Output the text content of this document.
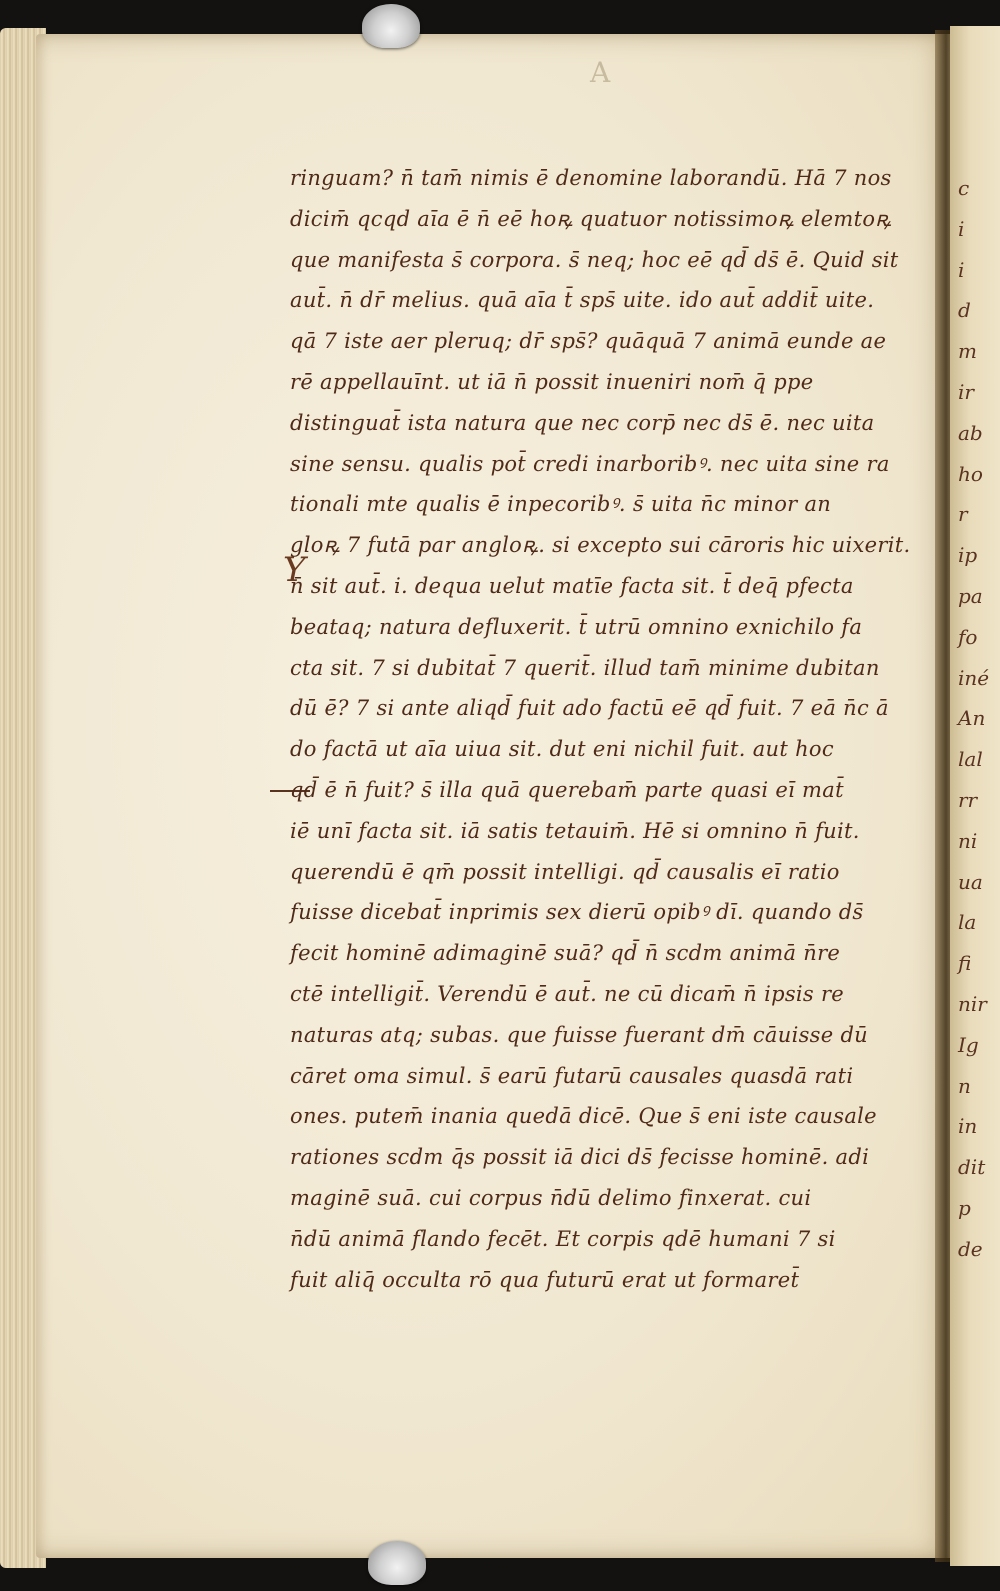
c
i
i
d
m
ir
ab
ho
r
ip
pa
fo
iné
An
lal
rr
ni
ua
la
fi
nir
Ig
n
in
dit
p
de
A
Y
ringuam? n̄ tam̄ nimis ē denomine laborandū. Hā 7 nos
dicim̄ qcqd aīa ē n̄ eē hoꝶ quatuor notissimoꝶ elemtoꝶ
que manifesta s̄ corpora. s̄ neq; hoc eē qd̄ ds̄ ē. Quid sit
aut̄. n̄ dr̄ melius. quā aīa t̄ sps̄ uite. ido aut̄ addit̄ uite.
qā 7 iste aer pleruq; dr̄ sps̄? quāquā 7 animā eunde ae
rē appellauīnt. ut iā n̄ possit inueniri nom̄ q̄ ppe
distinguat̄ ista natura que nec corp̄ nec ds̄ ē. nec uita
sine sensu. qualis pot̄ credi inarboribꝰ. nec uita sine ra
tionali mte qualis ē inpecoribꝰ. s̄ uita n̄c minor an
gloꝶ 7 futā par angloꝶ. si excepto sui cāroris hic uixerit.
n̄ sit aut̄. i. dequa uelut matīe facta sit. t̄ deq̄ pfecta
beataq; natura defluxerit. t̄ utrū omnino exnichilo fa
cta sit. 7 si dubitat̄ 7 querit̄. illud tam̄ minime dubitan
dū ē? 7 si ante aliqd̄ fuit ado factū eē qd̄ fuit. 7 eā n̄c ā
do factā ut aīa uiua sit. dut eni nichil fuit. aut hoc
qd̄ ē n̄ fuit? s̄ illa quā querebam̄ parte quasi eī mat̄
iē unī facta sit. iā satis tetauim̄. Hē si omnino n̄ fuit.
querendū ē qm̄ possit intelligi. qd̄ causalis eī ratio
fuisse dicebat̄ inprimis sex dierū opibꝰ dī. quando ds̄
fecit hominē adimaginē suā? qd̄ n̄ scdm animā n̄re
ctē intelligit̄. Verendū ē aut̄. ne cū dicam̄ n̄ ipsis re
naturas atq; subas. que fuisse fuerant dm̄ cāuisse dū
cāret oma simul. s̄ earū futarū causales quasdā rati
ones. putem̄ inania quedā dicē. Que s̄ eni iste causale
rationes scdm q̄s possit iā dici ds̄ fecisse hominē. adi
maginē suā. cui corpus n̄dū delimo finxerat. cui
n̄dū animā flando fecēt. Et corpis qdē humani 7 si
fuit aliq̄ occulta rō qua futurū erat ut formaret̄
